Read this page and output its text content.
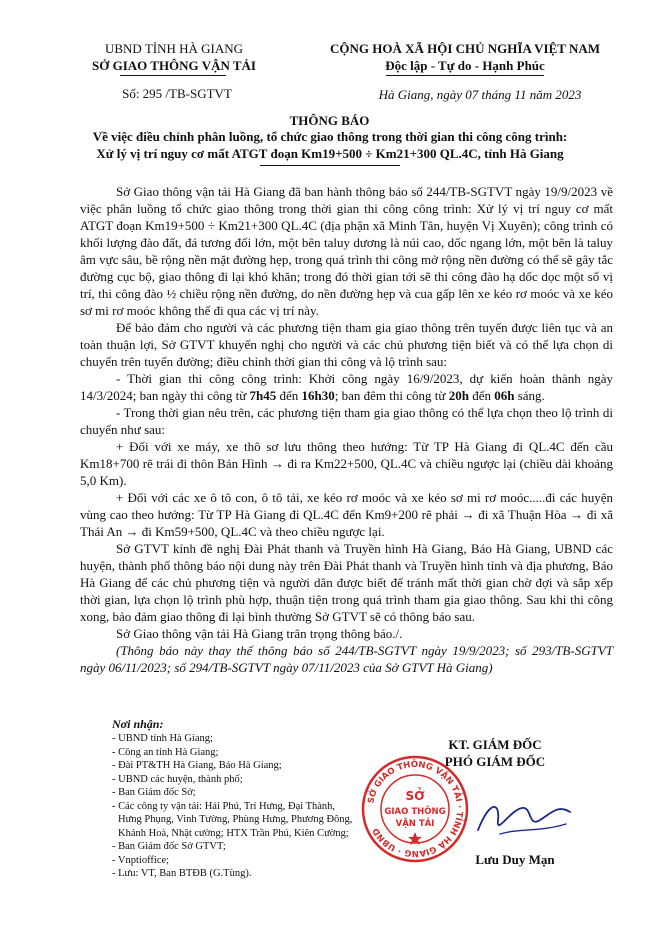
UBND TỈNH HÀ GIANG
SỞ GIAO THÔNG VẬN TẢI
Số: 295 /TB-SGTVT
CỘNG HOÀ XÃ HỘI CHỦ NGHĨA VIỆT NAM
Độc lập - Tự do - Hạnh Phúc
Hà Giang, ngày 07 tháng 11 năm 2023
THÔNG BÁO
Về việc điều chỉnh phân luồng, tổ chức giao thông trong thời gian thi công công trình:
Xử lý vị trí nguy cơ mất ATGT đoạn Km19+500 ÷ Km21+300 QL.4C, tỉnh Hà Giang

Sở Giao thông vận tải Hà Giang đã ban hành thông báo số 244/TB-SGTVT ngày 19/9/2023 về việc phân luồng tổ chức giao thông trong thời gian thi công công trình: Xử lý vị trí nguy cơ mất ATGT đoạn Km19+500 ÷ Km21+300 QL.4C (địa phận xã Minh Tân, huyện Vị Xuyên); công trình có khối lượng đào đất, đá tương đối lớn, một bên taluy dương là núi cao, dốc ngang lớn, một bên là taluy âm vực sâu, bề rộng nền mặt đường hẹp, trong quá trình thi công mở rộng nền đường có thể sẽ gây tắc đường cục bộ, giao thông đi lại khó khăn; trong đó thời gian tới sẽ thi công đào hạ dốc dọc một số vị trí, thi công đào ½ chiều rộng nền đường, do nền đường hẹp và cua gấp lên xe kéo rơ moóc và xe kéo sơ mi rơ moóc không thể đi qua các vị trí này.

Để bảo đảm cho người và các phương tiện tham gia giao thông trên tuyến được liên tục và an toàn thuận lợi, Sở GTVT khuyến nghị cho người và các chủ phương tiện biết và có thể lựa chọn di chuyển trên tuyến đường; điều chỉnh thời gian thi công và lộ trình sau:

- Thời gian thi công công trình: Khởi công ngày 16/9/2023, dự kiến hoàn thành ngày 14/3/2024; ban ngày thi công từ 7h45 đến 16h30; ban đêm thi công từ 20h đến 06h sáng.

- Trong thời gian nêu trên, các phương tiện tham gia giao thông có thể lựa chọn theo lộ trình di chuyển như sau:

+ Đối với xe máy, xe thô sơ lưu thông theo hướng: Từ TP Hà Giang đi QL.4C đến cầu Km18+700 rẽ trái đi thôn Bản Hình → đi ra Km22+500, QL.4C và chiều ngược lại (chiều dài khoảng 5,0 Km).

+ Đối với các xe ô tô con, ô tô tải, xe kéo rơ moóc và xe kéo sơ mi rơ moóc.....đi các huyện vùng cao theo hướng: Từ TP Hà Giang đi QL.4C đến Km9+200 rẽ phải → đi xã Thuận Hòa → đi xã Thái An → đi Km59+500, QL.4C và theo chiều ngược lại.

Sở GTVT kính đề nghị Đài Phát thanh và Truyền hình Hà Giang, Báo Hà Giang, UBND các huyện, thành phố thông báo nội dung này trên Đài Phát thanh và Truyền hình tỉnh và địa phương, Báo Hà Giang để các chủ phương tiện và người dân được biết để tránh mất thời gian chờ đợi và sắp xếp thời gian, lựa chọn lộ trình phù hợp, thuận tiện trong quá trình tham gia giao thông. Sau khi thi công xong, bảo đảm giao thông đi lại bình thường Sở GTVT sẽ có thông báo sau.

Sở Giao thông vận tải Hà Giang trân trọng thông báo./.

(Thông báo này thay thế thông báo số 244/TB-SGTVT ngày 19/9/2023; số 293/TB-SGTVT ngày 06/11/2023; số 294/TB-SGTVT ngày 07/11/2023 của Sở GTVT Hà Giang)

Nơi nhận:
- UBND tỉnh Hà Giang;
- Công an tỉnh Hà Giang;
- Đài PT&TH Hà Giang, Báo Hà Giang;
- UBND các huyện, thành phố;
- Ban Giám đốc Sở;
- Các công ty vận tải: Hải Phú, Trí Hưng, Đại Thành,
Hưng Phụng, Vinh Tường, Phùng Hưng, Phương Đông,
Khánh Hoà, Nhật cường; HTX Trần Phú, Kiên Cường;
- Ban Giám đốc Sở GTVT;
- Vnptioffice;
- Lưu: VT, Ban BTĐB (G.Tùng).
KT. GIÁM ĐỐC
PHÓ GIÁM ĐỐC
SỞ GIAO THÔNG VẬN TẢI · TỈNH HÀ GIANG · UBND
SỞ
GIAO THÔNG
VẬN TẢI
Lưu Duy Mạn
